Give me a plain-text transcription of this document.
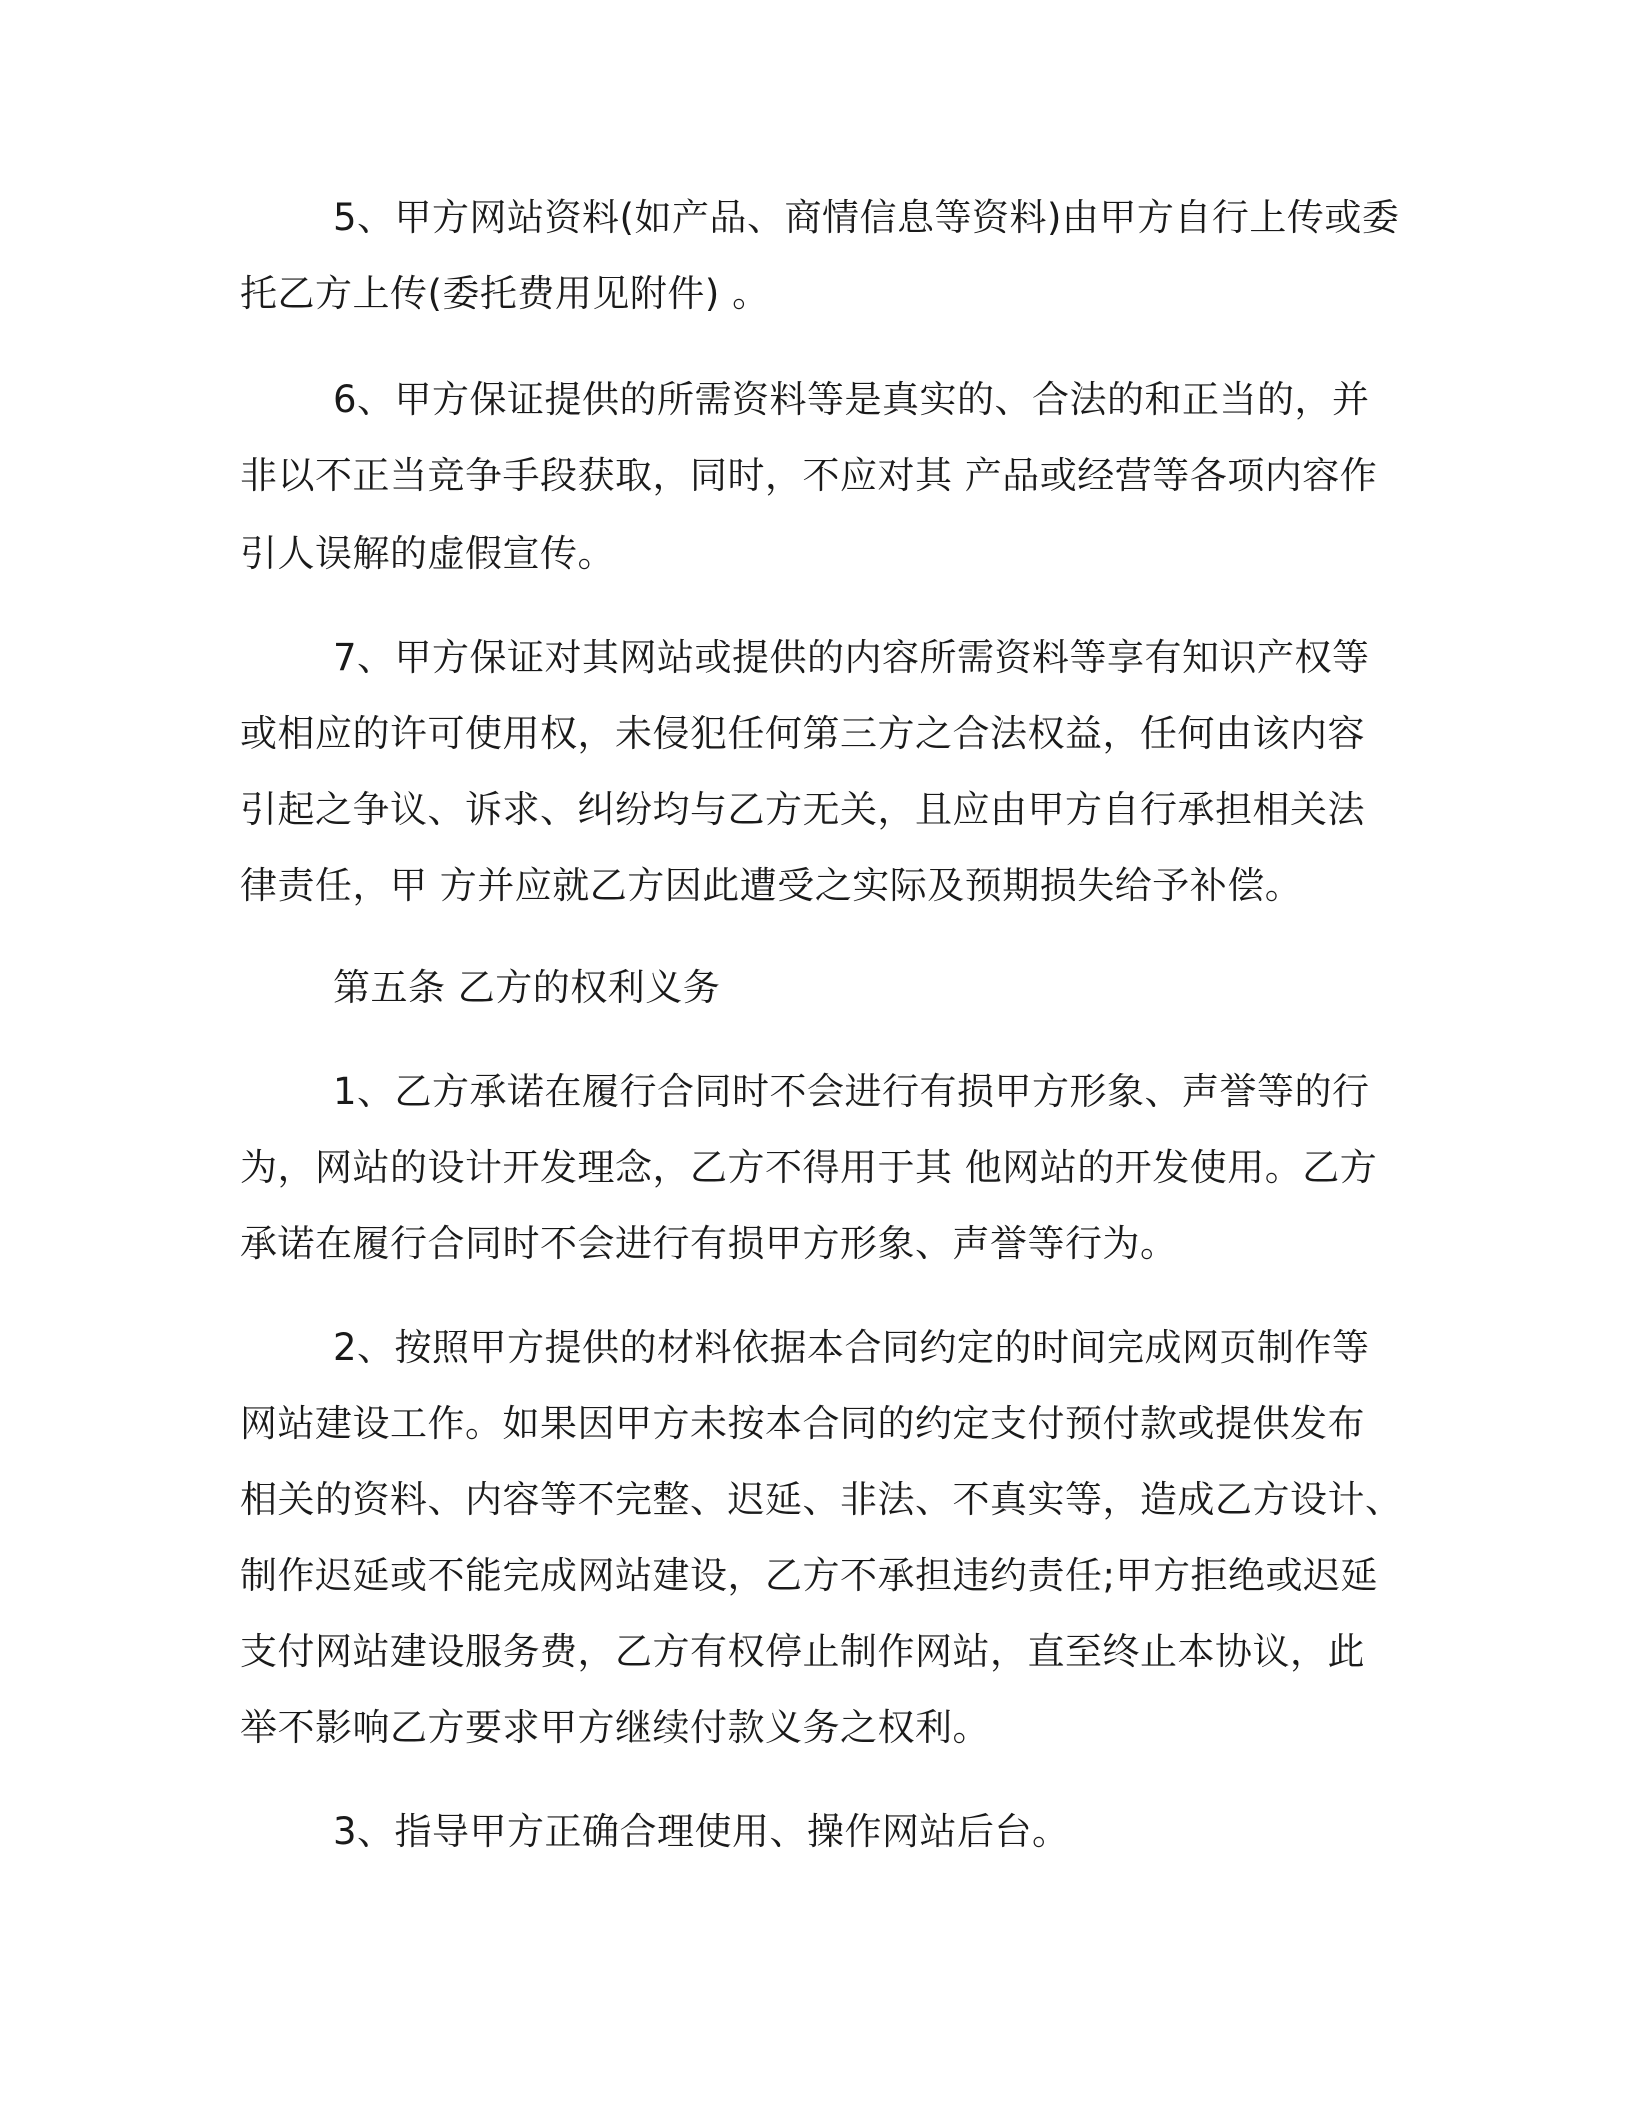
5、甲方网站资料(如产品、商情信息等资料)由甲方自行上传或委
托乙方上传(委托费用见附件) 。
6、甲方保证提供的所需资料等是真实的、合法的和正当的，并
非以不正当竞争手段获取，同时，不应对其 产品或经营等各项内容作
引人误解的虚假宣传。
7、甲方保证对其网站或提供的内容所需资料等享有知识产权等
或相应的许可使用权，未侵犯任何第三方之合法权益，任何由该内容
引起之争议、诉求、纠纷均与乙方无关，且应由甲方自行承担相关法
律责任，甲 方并应就乙方因此遭受之实际及预期损失给予补偿。
第五条 乙方的权利义务
1、乙方承诺在履行合同时不会进行有损甲方形象、声誉等的行
为，网站的设计开发理念，乙方不得用于其 他网站的开发使用。乙方
承诺在履行合同时不会进行有损甲方形象、声誉等行为。
2、按照甲方提供的材料依据本合同约定的时间完成网页制作等
网站建设工作。如果因甲方未按本合同的约定支付预付款或提供发布
相关的资料、内容等不完整、迟延、非法、不真实等，造成乙方设计、
制作迟延或不能完成网站建设，乙方不承担违约责任;甲方拒绝或迟延
支付网站建设服务费，乙方有权停止制作网站，直至终止本协议，此
举不影响乙方要求甲方继续付款义务之权利。
3、指导甲方正确合理使用、操作网站后台。
